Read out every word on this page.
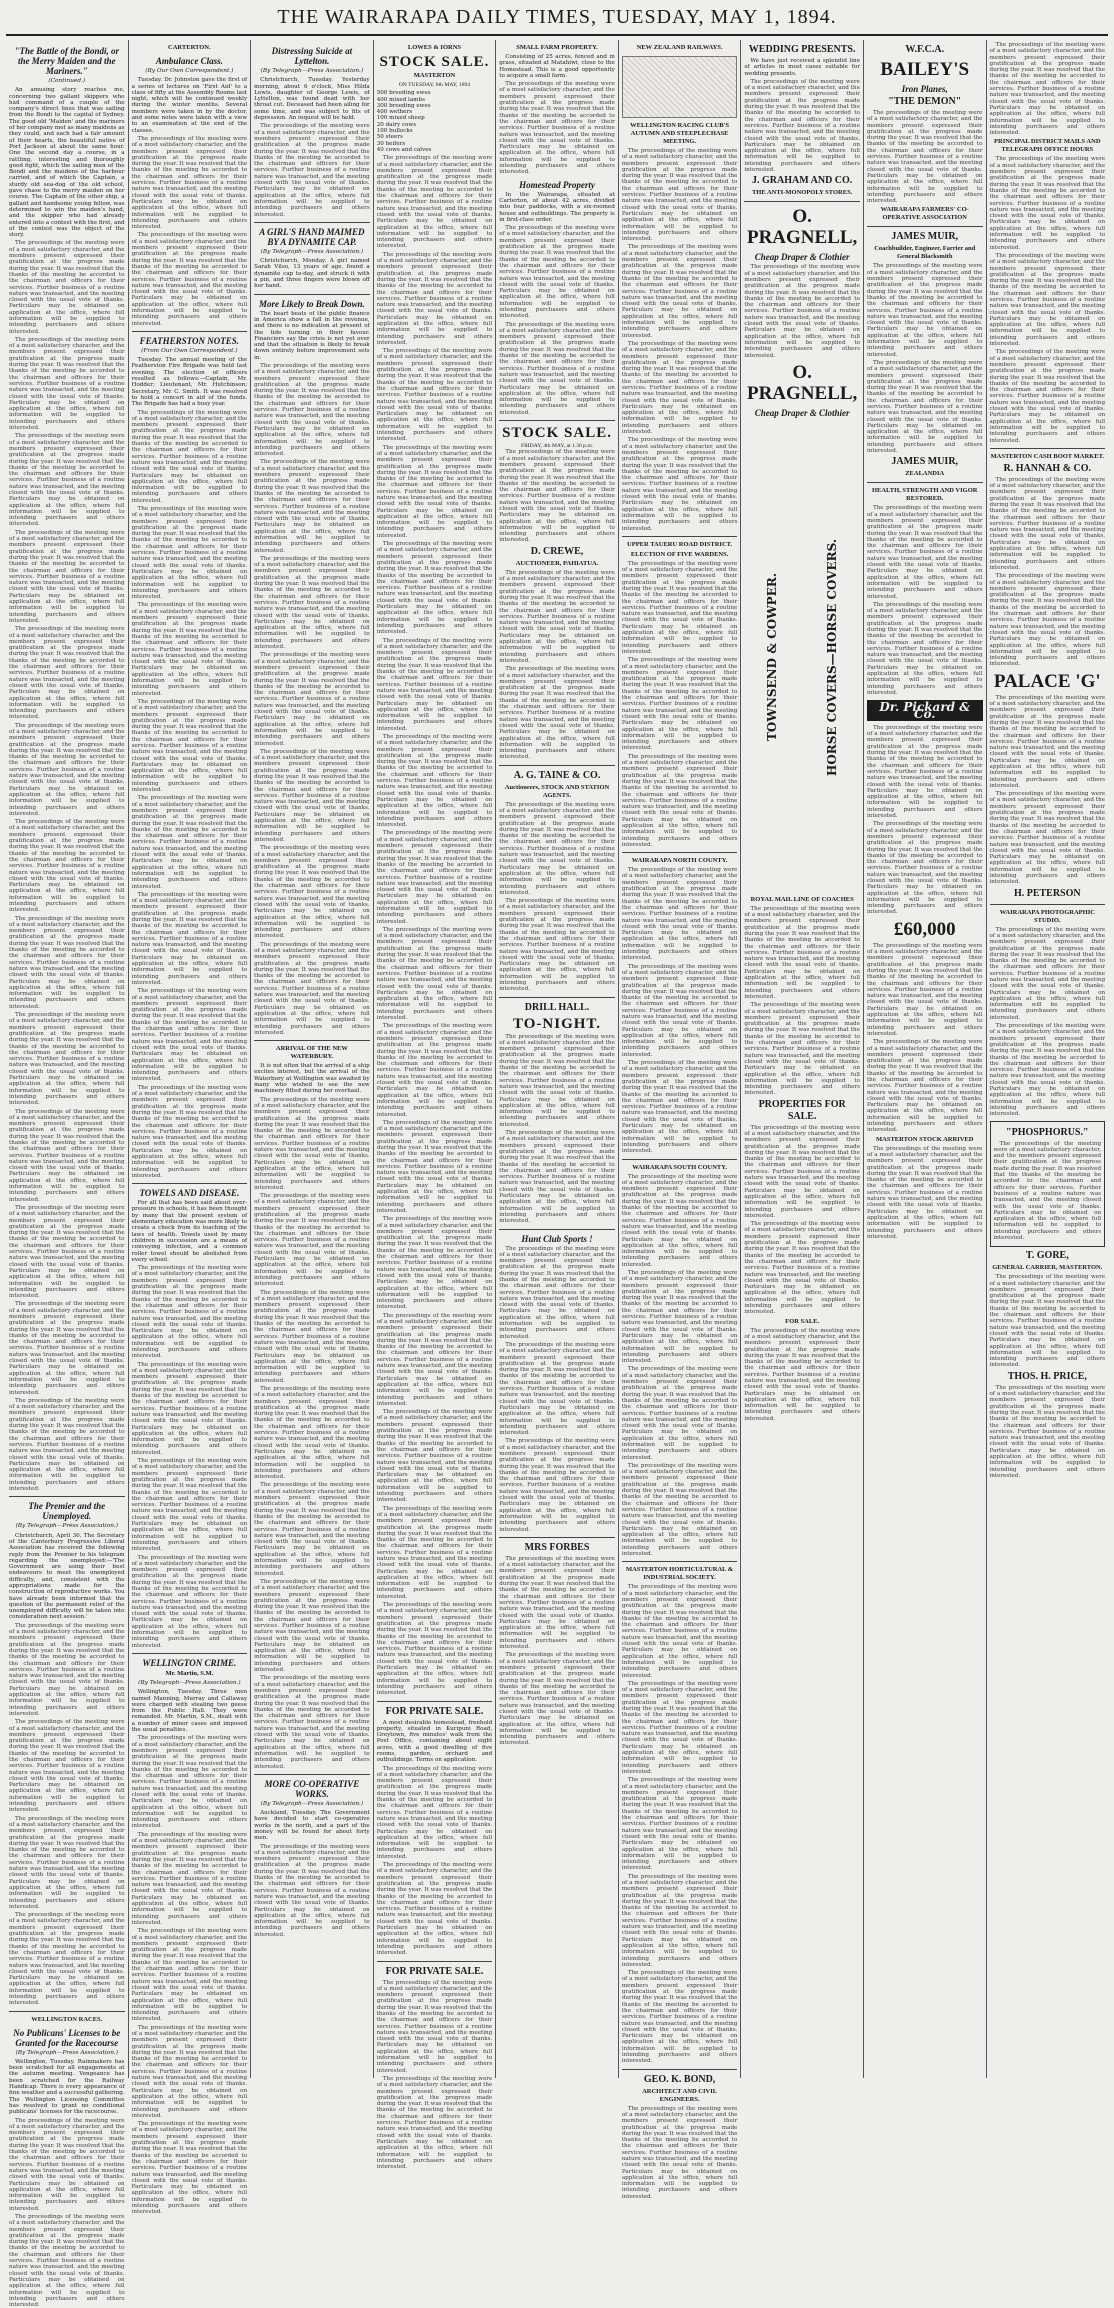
THE WAIRARAPA DAILY TIMES, TUESDAY, MAY 1, 1894.
"The Battle of the Bondi, or the Merry Maiden and the Mariners."
(Continued.)

An amusing story reaches me, concerning two gallant skippers who had command of a couple of the company's direct lines that was sailing from the Bondi to the capital of Sydney. The good old 'Maiden' and the mariners of her company met as many maidens as they could, and each had a fair amount of their hearts, the beautiful native of Port Jackson at about the same hour. One the second day a course, in a rattling, interesting and thoroughly good fight, which the sailing men of the Bondi and the maidens of the harbour carried, and of which the Captain, a sturdy old sea-dog of the old school, gave chase to the merry maiden on her course. The Captain of the other ship, a gallant and handsome young fellow, was determined to win the maiden's hand, and the skipper who had already entered into a contest with the first, and of the contest was the object of the story.

The proceedings of the meeting were of a most satisfactory character, and the members present expressed their gratification at the progress made during the year. It was resolved that the thanks of the meeting be accorded to the chairman and officers for their services. Further business of a routine nature was transacted, and the meeting closed with the usual vote of thanks. Particulars may be obtained on application at the office, where full information will be supplied to intending purchasers and others interested.

The proceedings of the meeting were of a most satisfactory character, and the members present expressed their gratification at the progress made during the year. It was resolved that the thanks of the meeting be accorded to the chairman and officers for their services. Further business of a routine nature was transacted, and the meeting closed with the usual vote of thanks. Particulars may be obtained on application at the office, where full information will be supplied to intending purchasers and others interested.

The proceedings of the meeting were of a most satisfactory character, and the members present expressed their gratification at the progress made during the year. It was resolved that the thanks of the meeting be accorded to the chairman and officers for their services. Further business of a routine nature was transacted, and the meeting closed with the usual vote of thanks. Particulars may be obtained on application at the office, where full information will be supplied to intending purchasers and others interested.

The proceedings of the meeting were of a most satisfactory character, and the members present expressed their gratification at the progress made during the year. It was resolved that the thanks of the meeting be accorded to the chairman and officers for their services. Further business of a routine nature was transacted, and the meeting closed with the usual vote of thanks. Particulars may be obtained on application at the office, where full information will be supplied to intending purchasers and others interested.

The proceedings of the meeting were of a most satisfactory character, and the members present expressed their gratification at the progress made during the year. It was resolved that the thanks of the meeting be accorded to the chairman and officers for their services. Further business of a routine nature was transacted, and the meeting closed with the usual vote of thanks. Particulars may be obtained on application at the office, where full information will be supplied to intending purchasers and others interested.

The proceedings of the meeting were of a most satisfactory character, and the members present expressed their gratification at the progress made during the year. It was resolved that the thanks of the meeting be accorded to the chairman and officers for their services. Further business of a routine nature was transacted, and the meeting closed with the usual vote of thanks. Particulars may be obtained on application at the office, where full information will be supplied to intending purchasers and others interested.

The proceedings of the meeting were of a most satisfactory character, and the members present expressed their gratification at the progress made during the year. It was resolved that the thanks of the meeting be accorded to the chairman and officers for their services. Further business of a routine nature was transacted, and the meeting closed with the usual vote of thanks. Particulars may be obtained on application at the office, where full information will be supplied to intending purchasers and others interested.

The proceedings of the meeting were of a most satisfactory character, and the members present expressed their gratification at the progress made during the year. It was resolved that the thanks of the meeting be accorded to the chairman and officers for their services. Further business of a routine nature was transacted, and the meeting closed with the usual vote of thanks. Particulars may be obtained on application at the office, where full information will be supplied to intending purchasers and others interested.

The proceedings of the meeting were of a most satisfactory character, and the members present expressed their gratification at the progress made during the year. It was resolved that the thanks of the meeting be accorded to the chairman and officers for their services. Further business of a routine nature was transacted, and the meeting closed with the usual vote of thanks. Particulars may be obtained on application at the office, where full information will be supplied to intending purchasers and others interested.

The proceedings of the meeting were of a most satisfactory character, and the members present expressed their gratification at the progress made during the year. It was resolved that the thanks of the meeting be accorded to the chairman and officers for their services. Further business of a routine nature was transacted, and the meeting closed with the usual vote of thanks. Particulars may be obtained on application at the office, where full information will be supplied to intending purchasers and others interested.

The proceedings of the meeting were of a most satisfactory character, and the members present expressed their gratification at the progress made during the year. It was resolved that the thanks of the meeting be accorded to the chairman and officers for their services. Further business of a routine nature was transacted, and the meeting closed with the usual vote of thanks. Particulars may be obtained on application at the office, where full information will be supplied to intending purchasers and others interested.

The proceedings of the meeting were of a most satisfactory character, and the members present expressed their gratification at the progress made during the year. It was resolved that the thanks of the meeting be accorded to the chairman and officers for their services. Further business of a routine nature was transacted, and the meeting closed with the usual vote of thanks. Particulars may be obtained on application at the office, where full information will be supplied to intending purchasers and others interested.

The proceedings of the meeting were of a most satisfactory character, and the members present expressed their gratification at the progress made during the year. It was resolved that the thanks of the meeting be accorded to the chairman and officers for their services. Further business of a routine nature was transacted, and the meeting closed with the usual vote of thanks. Particulars may be obtained on application at the office, where full information will be supplied to intending purchasers and others interested.

The Premier and the Unemployed.
(By Telegraph—Press Association.)

Christchurch, April 30. The Secretary of the Canterbury Progressive Liberal Association has received the following reply from the Premier to his telegram regarding the unemployed:—'The Government are using their best endeavours to meet the unemployed difficulty, and, consistent with the appropriations made for the construction of reproductive works. You have already been informed that the question of the permanent relief of the unemployed difficulty will be taken into consideration next session.'

The proceedings of the meeting were of a most satisfactory character, and the members present expressed their gratification at the progress made during the year. It was resolved that the thanks of the meeting be accorded to the chairman and officers for their services. Further business of a routine nature was transacted, and the meeting closed with the usual vote of thanks. Particulars may be obtained on application at the office, where full information will be supplied to intending purchasers and others interested.

The proceedings of the meeting were of a most satisfactory character, and the members present expressed their gratification at the progress made during the year. It was resolved that the thanks of the meeting be accorded to the chairman and officers for their services. Further business of a routine nature was transacted, and the meeting closed with the usual vote of thanks. Particulars may be obtained on application at the office, where full information will be supplied to intending purchasers and others interested.

The proceedings of the meeting were of a most satisfactory character, and the members present expressed their gratification at the progress made during the year. It was resolved that the thanks of the meeting be accorded to the chairman and officers for their services. Further business of a routine nature was transacted, and the meeting closed with the usual vote of thanks. Particulars may be obtained on application at the office, where full information will be supplied to intending purchasers and others interested.

The proceedings of the meeting were of a most satisfactory character, and the members present expressed their gratification at the progress made during the year. It was resolved that the thanks of the meeting be accorded to the chairman and officers for their services. Further business of a routine nature was transacted, and the meeting closed with the usual vote of thanks. Particulars may be obtained on application at the office, where full information will be supplied to intending purchasers and others interested.

WELLINGTON RACES.
No Publicans' Licenses to be Granted for the Racecourse
(By Telegraph—Press Association.)

Wellington, Tuesday. Rainmakers has been scratched for all engagements at the autumn meeting. Vengeance has been scratched for the Railway Handicap. There is every appearance of fine weather and a successful gathering. The Wellington Licensing Committee has resolved to grant no conditional publicans' licenses for the racecourse.

The proceedings of the meeting were of a most satisfactory character, and the members present expressed their gratification at the progress made during the year. It was resolved that the thanks of the meeting be accorded to the chairman and officers for their services. Further business of a routine nature was transacted, and the meeting closed with the usual vote of thanks. Particulars may be obtained on application at the office, where full information will be supplied to intending purchasers and others interested.

The proceedings of the meeting were of a most satisfactory character, and the members present expressed their gratification at the progress made during the year. It was resolved that the thanks of the meeting be accorded to the chairman and officers for their services. Further business of a routine nature was transacted, and the meeting closed with the usual vote of thanks. Particulars may be obtained on application at the office, where full information will be supplied to intending purchasers and others interested.

CARTERTON.
Ambulance Class.
(By Our Own Correspondent.)

Tuesday. Dr. Johnston gave the first of a series of lectures on 'First Aid' to a class of fifty at the Assembly Rooms last night, which will be continued weekly during the winter months. Several members were taken in by the doctor, and some notes were taken with a view to an examination at the end of the classes.

The proceedings of the meeting were of a most satisfactory character, and the members present expressed their gratification at the progress made during the year. It was resolved that the thanks of the meeting be accorded to the chairman and officers for their services. Further business of a routine nature was transacted, and the meeting closed with the usual vote of thanks. Particulars may be obtained on application at the office, where full information will be supplied to intending purchasers and others interested.

The proceedings of the meeting were of a most satisfactory character, and the members present expressed their gratification at the progress made during the year. It was resolved that the thanks of the meeting be accorded to the chairman and officers for their services. Further business of a routine nature was transacted, and the meeting closed with the usual vote of thanks. Particulars may be obtained on application at the office, where full information will be supplied to intending purchasers and others interested.

FEATHERSTON NOTES.
(From Our Own Correspondent.)

Tuesday. The annual meeting of the Featherston Fire Brigade was held last evening. The election of officers resulted as follows:—Captain, Mr. Hodder; Lieutenant, Mr. Hutchinson; Secretary, Mr. C. Smith. It was resolved to hold a concert in aid of the funds. The Brigade has had a busy year.

The proceedings of the meeting were of a most satisfactory character, and the members present expressed their gratification at the progress made during the year. It was resolved that the thanks of the meeting be accorded to the chairman and officers for their services. Further business of a routine nature was transacted, and the meeting closed with the usual vote of thanks. Particulars may be obtained on application at the office, where full information will be supplied to intending purchasers and others interested.

The proceedings of the meeting were of a most satisfactory character, and the members present expressed their gratification at the progress made during the year. It was resolved that the thanks of the meeting be accorded to the chairman and officers for their services. Further business of a routine nature was transacted, and the meeting closed with the usual vote of thanks. Particulars may be obtained on application at the office, where full information will be supplied to intending purchasers and others interested.

The proceedings of the meeting were of a most satisfactory character, and the members present expressed their gratification at the progress made during the year. It was resolved that the thanks of the meeting be accorded to the chairman and officers for their services. Further business of a routine nature was transacted, and the meeting closed with the usual vote of thanks. Particulars may be obtained on application at the office, where full information will be supplied to intending purchasers and others interested.

The proceedings of the meeting were of a most satisfactory character, and the members present expressed their gratification at the progress made during the year. It was resolved that the thanks of the meeting be accorded to the chairman and officers for their services. Further business of a routine nature was transacted, and the meeting closed with the usual vote of thanks. Particulars may be obtained on application at the office, where full information will be supplied to intending purchasers and others interested.

The proceedings of the meeting were of a most satisfactory character, and the members present expressed their gratification at the progress made during the year. It was resolved that the thanks of the meeting be accorded to the chairman and officers for their services. Further business of a routine nature was transacted, and the meeting closed with the usual vote of thanks. Particulars may be obtained on application at the office, where full information will be supplied to intending purchasers and others interested.

The proceedings of the meeting were of a most satisfactory character, and the members present expressed their gratification at the progress made during the year. It was resolved that the thanks of the meeting be accorded to the chairman and officers for their services. Further business of a routine nature was transacted, and the meeting closed with the usual vote of thanks. Particulars may be obtained on application at the office, where full information will be supplied to intending purchasers and others interested.

The proceedings of the meeting were of a most satisfactory character, and the members present expressed their gratification at the progress made during the year. It was resolved that the thanks of the meeting be accorded to the chairman and officers for their services. Further business of a routine nature was transacted, and the meeting closed with the usual vote of thanks. Particulars may be obtained on application at the office, where full information will be supplied to intending purchasers and others interested.

The proceedings of the meeting were of a most satisfactory character, and the members present expressed their gratification at the progress made during the year. It was resolved that the thanks of the meeting be accorded to the chairman and officers for their services. Further business of a routine nature was transacted, and the meeting closed with the usual vote of thanks. Particulars may be obtained on application at the office, where full information will be supplied to intending purchasers and others interested.

TOWELS AND DISEASE.

For all that has been said about over-pressure in schools, it has been thought by many that the present system of elementary education was more likely to create a check from its teaching of the laws of health. Towels used by many children in succession are a means of conveying infection, and a common roller towel should be abolished from every school.

The proceedings of the meeting were of a most satisfactory character, and the members present expressed their gratification at the progress made during the year. It was resolved that the thanks of the meeting be accorded to the chairman and officers for their services. Further business of a routine nature was transacted, and the meeting closed with the usual vote of thanks. Particulars may be obtained on application at the office, where full information will be supplied to intending purchasers and others interested.

The proceedings of the meeting were of a most satisfactory character, and the members present expressed their gratification at the progress made during the year. It was resolved that the thanks of the meeting be accorded to the chairman and officers for their services. Further business of a routine nature was transacted, and the meeting closed with the usual vote of thanks. Particulars may be obtained on application at the office, where full information will be supplied to intending purchasers and others interested.

The proceedings of the meeting were of a most satisfactory character, and the members present expressed their gratification at the progress made during the year. It was resolved that the thanks of the meeting be accorded to the chairman and officers for their services. Further business of a routine nature was transacted, and the meeting closed with the usual vote of thanks. Particulars may be obtained on application at the office, where full information will be supplied to intending purchasers and others interested.

The proceedings of the meeting were of a most satisfactory character, and the members present expressed their gratification at the progress made during the year. It was resolved that the thanks of the meeting be accorded to the chairman and officers for their services. Further business of a routine nature was transacted, and the meeting closed with the usual vote of thanks. Particulars may be obtained on application at the office, where full information will be supplied to intending purchasers and others interested.

WELLINGTON CRIME.
Mr. Martin, S.M.
(By Telegraph—Press Association.)

Wellington, Tuesday. Three men named Manning, Murray and Callaway were charged with stealing two geese from the Public Hall. They were remanded. Mr. Martin, S.M., dealt with a number of minor cases and imposed the usual penalties.

The proceedings of the meeting were of a most satisfactory character, and the members present expressed their gratification at the progress made during the year. It was resolved that the thanks of the meeting be accorded to the chairman and officers for their services. Further business of a routine nature was transacted, and the meeting closed with the usual vote of thanks. Particulars may be obtained on application at the office, where full information will be supplied to intending purchasers and others interested.

The proceedings of the meeting were of a most satisfactory character, and the members present expressed their gratification at the progress made during the year. It was resolved that the thanks of the meeting be accorded to the chairman and officers for their services. Further business of a routine nature was transacted, and the meeting closed with the usual vote of thanks. Particulars may be obtained on application at the office, where full information will be supplied to intending purchasers and others interested.

The proceedings of the meeting were of a most satisfactory character, and the members present expressed their gratification at the progress made during the year. It was resolved that the thanks of the meeting be accorded to the chairman and officers for their services. Further business of a routine nature was transacted, and the meeting closed with the usual vote of thanks. Particulars may be obtained on application at the office, where full information will be supplied to intending purchasers and others interested.

The proceedings of the meeting were of a most satisfactory character, and the members present expressed their gratification at the progress made during the year. It was resolved that the thanks of the meeting be accorded to the chairman and officers for their services. Further business of a routine nature was transacted, and the meeting closed with the usual vote of thanks. Particulars may be obtained on application at the office, where full information will be supplied to intending purchasers and others interested.

The proceedings of the meeting were of a most satisfactory character, and the members present expressed their gratification at the progress made during the year. It was resolved that the thanks of the meeting be accorded to the chairman and officers for their services. Further business of a routine nature was transacted, and the meeting closed with the usual vote of thanks. Particulars may be obtained on application at the office, where full information will be supplied to intending purchasers and others interested.

Distressing Suicide at Lyttelton.
(By Telegraph—Press Association.)

Christchurch, Tuesday. Yesterday morning, about 6 o'clock, Miss Hilda Lewis, daughter of George Lewis, of Lyttelton, was found dead with her throat cut. Deceased had been ailing for some time, and was subject to fits of depression. An inquest will be held.

The proceedings of the meeting were of a most satisfactory character, and the members present expressed their gratification at the progress made during the year. It was resolved that the thanks of the meeting be accorded to the chairman and officers for their services. Further business of a routine nature was transacted, and the meeting closed with the usual vote of thanks. Particulars may be obtained on application at the office, where full information will be supplied to intending purchasers and others interested.

A GIRL'S HAND MAIMED BY A DYNAMITE CAP.
(By Telegraph—Press Association.)

Christchurch, Monday. A girl named Sarah Vilso, 13 years of age, found a dynamite cap to-day, and struck it with a pin, and three fingers were blown off her hand.

More Likely to Break Down.

The heart beats of the public finance in America show a fall in the revenue, and there is no indication at present of the tide turning in their favour. Financiers say the crisis is not yet over and that the situation is likely to break down entirely before improvement sets in.

The proceedings of the meeting were of a most satisfactory character, and the members present expressed their gratification at the progress made during the year. It was resolved that the thanks of the meeting be accorded to the chairman and officers for their services. Further business of a routine nature was transacted, and the meeting closed with the usual vote of thanks. Particulars may be obtained on application at the office, where full information will be supplied to intending purchasers and others interested.

The proceedings of the meeting were of a most satisfactory character, and the members present expressed their gratification at the progress made during the year. It was resolved that the thanks of the meeting be accorded to the chairman and officers for their services. Further business of a routine nature was transacted, and the meeting closed with the usual vote of thanks. Particulars may be obtained on application at the office, where full information will be supplied to intending purchasers and others interested.

The proceedings of the meeting were of a most satisfactory character, and the members present expressed their gratification at the progress made during the year. It was resolved that the thanks of the meeting be accorded to the chairman and officers for their services. Further business of a routine nature was transacted, and the meeting closed with the usual vote of thanks. Particulars may be obtained on application at the office, where full information will be supplied to intending purchasers and others interested.

The proceedings of the meeting were of a most satisfactory character, and the members present expressed their gratification at the progress made during the year. It was resolved that the thanks of the meeting be accorded to the chairman and officers for their services. Further business of a routine nature was transacted, and the meeting closed with the usual vote of thanks. Particulars may be obtained on application at the office, where full information will be supplied to intending purchasers and others interested.

The proceedings of the meeting were of a most satisfactory character, and the members present expressed their gratification at the progress made during the year. It was resolved that the thanks of the meeting be accorded to the chairman and officers for their services. Further business of a routine nature was transacted, and the meeting closed with the usual vote of thanks. Particulars may be obtained on application at the office, where full information will be supplied to intending purchasers and others interested.

The proceedings of the meeting were of a most satisfactory character, and the members present expressed their gratification at the progress made during the year. It was resolved that the thanks of the meeting be accorded to the chairman and officers for their services. Further business of a routine nature was transacted, and the meeting closed with the usual vote of thanks. Particulars may be obtained on application at the office, where full information will be supplied to intending purchasers and others interested.

The proceedings of the meeting were of a most satisfactory character, and the members present expressed their gratification at the progress made during the year. It was resolved that the thanks of the meeting be accorded to the chairman and officers for their services. Further business of a routine nature was transacted, and the meeting closed with the usual vote of thanks. Particulars may be obtained on application at the office, where full information will be supplied to intending purchasers and others interested.

ARRIVAL OF THE NEW WATERBURY.

It is not often that the arrival of a ship excites interest, but the arrival of the Waterbury at Wellington was awaited by many who wished to see the new machinery fitted during her overhaul.

The proceedings of the meeting were of a most satisfactory character, and the members present expressed their gratification at the progress made during the year. It was resolved that the thanks of the meeting be accorded to the chairman and officers for their services. Further business of a routine nature was transacted, and the meeting closed with the usual vote of thanks. Particulars may be obtained on application at the office, where full information will be supplied to intending purchasers and others interested.

The proceedings of the meeting were of a most satisfactory character, and the members present expressed their gratification at the progress made during the year. It was resolved that the thanks of the meeting be accorded to the chairman and officers for their services. Further business of a routine nature was transacted, and the meeting closed with the usual vote of thanks. Particulars may be obtained on application at the office, where full information will be supplied to intending purchasers and others interested.

The proceedings of the meeting were of a most satisfactory character, and the members present expressed their gratification at the progress made during the year. It was resolved that the thanks of the meeting be accorded to the chairman and officers for their services. Further business of a routine nature was transacted, and the meeting closed with the usual vote of thanks. Particulars may be obtained on application at the office, where full information will be supplied to intending purchasers and others interested.

The proceedings of the meeting were of a most satisfactory character, and the members present expressed their gratification at the progress made during the year. It was resolved that the thanks of the meeting be accorded to the chairman and officers for their services. Further business of a routine nature was transacted, and the meeting closed with the usual vote of thanks. Particulars may be obtained on application at the office, where full information will be supplied to intending purchasers and others interested.

The proceedings of the meeting were of a most satisfactory character, and the members present expressed their gratification at the progress made during the year. It was resolved that the thanks of the meeting be accorded to the chairman and officers for their services. Further business of a routine nature was transacted, and the meeting closed with the usual vote of thanks. Particulars may be obtained on application at the office, where full information will be supplied to intending purchasers and others interested.

The proceedings of the meeting were of a most satisfactory character, and the members present expressed their gratification at the progress made during the year. It was resolved that the thanks of the meeting be accorded to the chairman and officers for their services. Further business of a routine nature was transacted, and the meeting closed with the usual vote of thanks. Particulars may be obtained on application at the office, where full information will be supplied to intending purchasers and others interested.

The proceedings of the meeting were of a most satisfactory character, and the members present expressed their gratification at the progress made during the year. It was resolved that the thanks of the meeting be accorded to the chairman and officers for their services. Further business of a routine nature was transacted, and the meeting closed with the usual vote of thanks. Particulars may be obtained on application at the office, where full information will be supplied to intending purchasers and others interested.

MORE CO-OPERATIVE WORKS.
(By Telegraph—Press Association.)

Auckland, Tuesday. The Government have decided to start co-operative works in the north, and a part of the money will be found for about forty men.

The proceedings of the meeting were of a most satisfactory character, and the members present expressed their gratification at the progress made during the year. It was resolved that the thanks of the meeting be accorded to the chairman and officers for their services. Further business of a routine nature was transacted, and the meeting closed with the usual vote of thanks. Particulars may be obtained on application at the office, where full information will be supplied to intending purchasers and others interested.

LOWES & IORNS
STOCK SALE.
MASTERTON
ON TUESDAY, 8th MAY, 1894
500 breeding ewes
400 mixed lambs
300 breeding ewes
400 wethers
100 mixed sheep
20 dairy cows
100 bullocks
50 steers
30 heifers
40 cows and calves

The proceedings of the meeting were of a most satisfactory character, and the members present expressed their gratification at the progress made during the year. It was resolved that the thanks of the meeting be accorded to the chairman and officers for their services. Further business of a routine nature was transacted, and the meeting closed with the usual vote of thanks. Particulars may be obtained on application at the office, where full information will be supplied to intending purchasers and others interested.

The proceedings of the meeting were of a most satisfactory character, and the members present expressed their gratification at the progress made during the year. It was resolved that the thanks of the meeting be accorded to the chairman and officers for their services. Further business of a routine nature was transacted, and the meeting closed with the usual vote of thanks. Particulars may be obtained on application at the office, where full information will be supplied to intending purchasers and others interested.

The proceedings of the meeting were of a most satisfactory character, and the members present expressed their gratification at the progress made during the year. It was resolved that the thanks of the meeting be accorded to the chairman and officers for their services. Further business of a routine nature was transacted, and the meeting closed with the usual vote of thanks. Particulars may be obtained on application at the office, where full information will be supplied to intending purchasers and others interested.

The proceedings of the meeting were of a most satisfactory character, and the members present expressed their gratification at the progress made during the year. It was resolved that the thanks of the meeting be accorded to the chairman and officers for their services. Further business of a routine nature was transacted, and the meeting closed with the usual vote of thanks. Particulars may be obtained on application at the office, where full information will be supplied to intending purchasers and others interested.

The proceedings of the meeting were of a most satisfactory character, and the members present expressed their gratification at the progress made during the year. It was resolved that the thanks of the meeting be accorded to the chairman and officers for their services. Further business of a routine nature was transacted, and the meeting closed with the usual vote of thanks. Particulars may be obtained on application at the office, where full information will be supplied to intending purchasers and others interested.

The proceedings of the meeting were of a most satisfactory character, and the members present expressed their gratification at the progress made during the year. It was resolved that the thanks of the meeting be accorded to the chairman and officers for their services. Further business of a routine nature was transacted, and the meeting closed with the usual vote of thanks. Particulars may be obtained on application at the office, where full information will be supplied to intending purchasers and others interested.

The proceedings of the meeting were of a most satisfactory character, and the members present expressed their gratification at the progress made during the year. It was resolved that the thanks of the meeting be accorded to the chairman and officers for their services. Further business of a routine nature was transacted, and the meeting closed with the usual vote of thanks. Particulars may be obtained on application at the office, where full information will be supplied to intending purchasers and others interested.

The proceedings of the meeting were of a most satisfactory character, and the members present expressed their gratification at the progress made during the year. It was resolved that the thanks of the meeting be accorded to the chairman and officers for their services. Further business of a routine nature was transacted, and the meeting closed with the usual vote of thanks. Particulars may be obtained on application at the office, where full information will be supplied to intending purchasers and others interested.

The proceedings of the meeting were of a most satisfactory character, and the members present expressed their gratification at the progress made during the year. It was resolved that the thanks of the meeting be accorded to the chairman and officers for their services. Further business of a routine nature was transacted, and the meeting closed with the usual vote of thanks. Particulars may be obtained on application at the office, where full information will be supplied to intending purchasers and others interested.

The proceedings of the meeting were of a most satisfactory character, and the members present expressed their gratification at the progress made during the year. It was resolved that the thanks of the meeting be accorded to the chairman and officers for their services. Further business of a routine nature was transacted, and the meeting closed with the usual vote of thanks. Particulars may be obtained on application at the office, where full information will be supplied to intending purchasers and others interested.

The proceedings of the meeting were of a most satisfactory character, and the members present expressed their gratification at the progress made during the year. It was resolved that the thanks of the meeting be accorded to the chairman and officers for their services. Further business of a routine nature was transacted, and the meeting closed with the usual vote of thanks. Particulars may be obtained on application at the office, where full information will be supplied to intending purchasers and others interested.

The proceedings of the meeting were of a most satisfactory character, and the members present expressed their gratification at the progress made during the year. It was resolved that the thanks of the meeting be accorded to the chairman and officers for their services. Further business of a routine nature was transacted, and the meeting closed with the usual vote of thanks. Particulars may be obtained on application at the office, where full information will be supplied to intending purchasers and others interested.

The proceedings of the meeting were of a most satisfactory character, and the members present expressed their gratification at the progress made during the year. It was resolved that the thanks of the meeting be accorded to the chairman and officers for their services. Further business of a routine nature was transacted, and the meeting closed with the usual vote of thanks. Particulars may be obtained on application at the office, where full information will be supplied to intending purchasers and others interested.

The proceedings of the meeting were of a most satisfactory character, and the members present expressed their gratification at the progress made during the year. It was resolved that the thanks of the meeting be accorded to the chairman and officers for their services. Further business of a routine nature was transacted, and the meeting closed with the usual vote of thanks. Particulars may be obtained on application at the office, where full information will be supplied to intending purchasers and others interested.

The proceedings of the meeting were of a most satisfactory character, and the members present expressed their gratification at the progress made during the year. It was resolved that the thanks of the meeting be accorded to the chairman and officers for their services. Further business of a routine nature was transacted, and the meeting closed with the usual vote of thanks. Particulars may be obtained on application at the office, where full information will be supplied to intending purchasers and others interested.

The proceedings of the meeting were of a most satisfactory character, and the members present expressed their gratification at the progress made during the year. It was resolved that the thanks of the meeting be accorded to the chairman and officers for their services. Further business of a routine nature was transacted, and the meeting closed with the usual vote of thanks. Particulars may be obtained on application at the office, where full information will be supplied to intending purchasers and others interested.

FOR PRIVATE SALE.

A most desirable homestead, freehold property, situated in Kuripuni Road, Greytown, five minutes' walk from the Post Office, containing about eight acres, with a good dwelling of five rooms, garden, orchard and outbuildings. Terms on application.

The proceedings of the meeting were of a most satisfactory character, and the members present expressed their gratification at the progress made during the year. It was resolved that the thanks of the meeting be accorded to the chairman and officers for their services. Further business of a routine nature was transacted, and the meeting closed with the usual vote of thanks. Particulars may be obtained on application at the office, where full information will be supplied to intending purchasers and others interested.

The proceedings of the meeting were of a most satisfactory character, and the members present expressed their gratification at the progress made during the year. It was resolved that the thanks of the meeting be accorded to the chairman and officers for their services. Further business of a routine nature was transacted, and the meeting closed with the usual vote of thanks. Particulars may be obtained on application at the office, where full information will be supplied to intending purchasers and others interested.

FOR PRIVATE SALE.

The proceedings of the meeting were of a most satisfactory character, and the members present expressed their gratification at the progress made during the year. It was resolved that the thanks of the meeting be accorded to the chairman and officers for their services. Further business of a routine nature was transacted, and the meeting closed with the usual vote of thanks. Particulars may be obtained on application at the office, where full information will be supplied to intending purchasers and others interested.

The proceedings of the meeting were of a most satisfactory character, and the members present expressed their gratification at the progress made during the year. It was resolved that the thanks of the meeting be accorded to the chairman and officers for their services. Further business of a routine nature was transacted, and the meeting closed with the usual vote of thanks. Particulars may be obtained on application at the office, where full information will be supplied to intending purchasers and others interested.

SMALL FARM PROPERTY.

Consisting of 25 acres, fenced and in grass, situated at Matahiwi, close to the Homestead. This is a good opportunity to acquire a small farm.

The proceedings of the meeting were of a most satisfactory character, and the members present expressed their gratification at the progress made during the year. It was resolved that the thanks of the meeting be accorded to the chairman and officers for their services. Further business of a routine nature was transacted, and the meeting closed with the usual vote of thanks. Particulars may be obtained on application at the office, where full information will be supplied to intending purchasers and others interested.

Homestead Property

In the Wairarapa, situated at Carterton, of about 42 acres, divided into four paddocks, with a six-roomed house and outbuildings. The property is in first-class order.

The proceedings of the meeting were of a most satisfactory character, and the members present expressed their gratification at the progress made during the year. It was resolved that the thanks of the meeting be accorded to the chairman and officers for their services. Further business of a routine nature was transacted, and the meeting closed with the usual vote of thanks. Particulars may be obtained on application at the office, where full information will be supplied to intending purchasers and others interested.

The proceedings of the meeting were of a most satisfactory character, and the members present expressed their gratification at the progress made during the year. It was resolved that the thanks of the meeting be accorded to the chairman and officers for their services. Further business of a routine nature was transacted, and the meeting closed with the usual vote of thanks. Particulars may be obtained on application at the office, where full information will be supplied to intending purchasers and others interested.

STOCK SALE.
FRIDAY, 4th MAY, at 1.30 p.m.

The proceedings of the meeting were of a most satisfactory character, and the members present expressed their gratification at the progress made during the year. It was resolved that the thanks of the meeting be accorded to the chairman and officers for their services. Further business of a routine nature was transacted, and the meeting closed with the usual vote of thanks. Particulars may be obtained on application at the office, where full information will be supplied to intending purchasers and others interested.

D. CREWE,
AUCTIONEER, PAHIATUA.

The proceedings of the meeting were of a most satisfactory character, and the members present expressed their gratification at the progress made during the year. It was resolved that the thanks of the meeting be accorded to the chairman and officers for their services. Further business of a routine nature was transacted, and the meeting closed with the usual vote of thanks. Particulars may be obtained on application at the office, where full information will be supplied to intending purchasers and others interested.

The proceedings of the meeting were of a most satisfactory character, and the members present expressed their gratification at the progress made during the year. It was resolved that the thanks of the meeting be accorded to the chairman and officers for their services. Further business of a routine nature was transacted, and the meeting closed with the usual vote of thanks. Particulars may be obtained on application at the office, where full information will be supplied to intending purchasers and others interested.

A. G. TAINE & CO.
Auctioneers, STOCK AND STATION AGENTS.

The proceedings of the meeting were of a most satisfactory character, and the members present expressed their gratification at the progress made during the year. It was resolved that the thanks of the meeting be accorded to the chairman and officers for their services. Further business of a routine nature was transacted, and the meeting closed with the usual vote of thanks. Particulars may be obtained on application at the office, where full information will be supplied to intending purchasers and others interested.

The proceedings of the meeting were of a most satisfactory character, and the members present expressed their gratification at the progress made during the year. It was resolved that the thanks of the meeting be accorded to the chairman and officers for their services. Further business of a routine nature was transacted, and the meeting closed with the usual vote of thanks. Particulars may be obtained on application at the office, where full information will be supplied to intending purchasers and others interested.

DRILL HALL.
TO-NIGHT.

The proceedings of the meeting were of a most satisfactory character, and the members present expressed their gratification at the progress made during the year. It was resolved that the thanks of the meeting be accorded to the chairman and officers for their services. Further business of a routine nature was transacted, and the meeting closed with the usual vote of thanks. Particulars may be obtained on application at the office, where full information will be supplied to intending purchasers and others interested.

The proceedings of the meeting were of a most satisfactory character, and the members present expressed their gratification at the progress made during the year. It was resolved that the thanks of the meeting be accorded to the chairman and officers for their services. Further business of a routine nature was transacted, and the meeting closed with the usual vote of thanks. Particulars may be obtained on application at the office, where full information will be supplied to intending purchasers and others interested.

Hunt Club Sports !

The proceedings of the meeting were of a most satisfactory character, and the members present expressed their gratification at the progress made during the year. It was resolved that the thanks of the meeting be accorded to the chairman and officers for their services. Further business of a routine nature was transacted, and the meeting closed with the usual vote of thanks. Particulars may be obtained on application at the office, where full information will be supplied to intending purchasers and others interested.

The proceedings of the meeting were of a most satisfactory character, and the members present expressed their gratification at the progress made during the year. It was resolved that the thanks of the meeting be accorded to the chairman and officers for their services. Further business of a routine nature was transacted, and the meeting closed with the usual vote of thanks. Particulars may be obtained on application at the office, where full information will be supplied to intending purchasers and others interested.

The proceedings of the meeting were of a most satisfactory character, and the members present expressed their gratification at the progress made during the year. It was resolved that the thanks of the meeting be accorded to the chairman and officers for their services. Further business of a routine nature was transacted, and the meeting closed with the usual vote of thanks. Particulars may be obtained on application at the office, where full information will be supplied to intending purchasers and others interested.

MRS FORBES

The proceedings of the meeting were of a most satisfactory character, and the members present expressed their gratification at the progress made during the year. It was resolved that the thanks of the meeting be accorded to the chairman and officers for their services. Further business of a routine nature was transacted, and the meeting closed with the usual vote of thanks. Particulars may be obtained on application at the office, where full information will be supplied to intending purchasers and others interested.

The proceedings of the meeting were of a most satisfactory character, and the members present expressed their gratification at the progress made during the year. It was resolved that the thanks of the meeting be accorded to the chairman and officers for their services. Further business of a routine nature was transacted, and the meeting closed with the usual vote of thanks. Particulars may be obtained on application at the office, where full information will be supplied to intending purchasers and others interested.

NEW ZEALAND RAILWAYS.
WELLINGTON RACING CLUB'S AUTUMN AND STEEPLECHASE MEETING.

The proceedings of the meeting were of a most satisfactory character, and the members present expressed their gratification at the progress made during the year. It was resolved that the thanks of the meeting be accorded to the chairman and officers for their services. Further business of a routine nature was transacted, and the meeting closed with the usual vote of thanks. Particulars may be obtained on application at the office, where full information will be supplied to intending purchasers and others interested.

The proceedings of the meeting were of a most satisfactory character, and the members present expressed their gratification at the progress made during the year. It was resolved that the thanks of the meeting be accorded to the chairman and officers for their services. Further business of a routine nature was transacted, and the meeting closed with the usual vote of thanks. Particulars may be obtained on application at the office, where full information will be supplied to intending purchasers and others interested.

The proceedings of the meeting were of a most satisfactory character, and the members present expressed their gratification at the progress made during the year. It was resolved that the thanks of the meeting be accorded to the chairman and officers for their services. Further business of a routine nature was transacted, and the meeting closed with the usual vote of thanks. Particulars may be obtained on application at the office, where full information will be supplied to intending purchasers and others interested.

The proceedings of the meeting were of a most satisfactory character, and the members present expressed their gratification at the progress made during the year. It was resolved that the thanks of the meeting be accorded to the chairman and officers for their services. Further business of a routine nature was transacted, and the meeting closed with the usual vote of thanks. Particulars may be obtained on application at the office, where full information will be supplied to intending purchasers and others interested.

UPPER TAUERU ROAD DISTRICT.
ELECTION OF FIVE WARDENS.

The proceedings of the meeting were of a most satisfactory character, and the members present expressed their gratification at the progress made during the year. It was resolved that the thanks of the meeting be accorded to the chairman and officers for their services. Further business of a routine nature was transacted, and the meeting closed with the usual vote of thanks. Particulars may be obtained on application at the office, where full information will be supplied to intending purchasers and others interested.

The proceedings of the meeting were of a most satisfactory character, and the members present expressed their gratification at the progress made during the year. It was resolved that the thanks of the meeting be accorded to the chairman and officers for their services. Further business of a routine nature was transacted, and the meeting closed with the usual vote of thanks. Particulars may be obtained on application at the office, where full information will be supplied to intending purchasers and others interested.

The proceedings of the meeting were of a most satisfactory character, and the members present expressed their gratification at the progress made during the year. It was resolved that the thanks of the meeting be accorded to the chairman and officers for their services. Further business of a routine nature was transacted, and the meeting closed with the usual vote of thanks. Particulars may be obtained on application at the office, where full information will be supplied to intending purchasers and others interested.

WAIRARAPA NORTH COUNTY.

The proceedings of the meeting were of a most satisfactory character, and the members present expressed their gratification at the progress made during the year. It was resolved that the thanks of the meeting be accorded to the chairman and officers for their services. Further business of a routine nature was transacted, and the meeting closed with the usual vote of thanks. Particulars may be obtained on application at the office, where full information will be supplied to intending purchasers and others interested.

The proceedings of the meeting were of a most satisfactory character, and the members present expressed their gratification at the progress made during the year. It was resolved that the thanks of the meeting be accorded to the chairman and officers for their services. Further business of a routine nature was transacted, and the meeting closed with the usual vote of thanks. Particulars may be obtained on application at the office, where full information will be supplied to intending purchasers and others interested.

The proceedings of the meeting were of a most satisfactory character, and the members present expressed their gratification at the progress made during the year. It was resolved that the thanks of the meeting be accorded to the chairman and officers for their services. Further business of a routine nature was transacted, and the meeting closed with the usual vote of thanks. Particulars may be obtained on application at the office, where full information will be supplied to intending purchasers and others interested.

WAIRARAPA SOUTH COUNTY.

The proceedings of the meeting were of a most satisfactory character, and the members present expressed their gratification at the progress made during the year. It was resolved that the thanks of the meeting be accorded to the chairman and officers for their services. Further business of a routine nature was transacted, and the meeting closed with the usual vote of thanks. Particulars may be obtained on application at the office, where full information will be supplied to intending purchasers and others interested.

The proceedings of the meeting were of a most satisfactory character, and the members present expressed their gratification at the progress made during the year. It was resolved that the thanks of the meeting be accorded to the chairman and officers for their services. Further business of a routine nature was transacted, and the meeting closed with the usual vote of thanks. Particulars may be obtained on application at the office, where full information will be supplied to intending purchasers and others interested.

The proceedings of the meeting were of a most satisfactory character, and the members present expressed their gratification at the progress made during the year. It was resolved that the thanks of the meeting be accorded to the chairman and officers for their services. Further business of a routine nature was transacted, and the meeting closed with the usual vote of thanks. Particulars may be obtained on application at the office, where full information will be supplied to intending purchasers and others interested.

The proceedings of the meeting were of a most satisfactory character, and the members present expressed their gratification at the progress made during the year. It was resolved that the thanks of the meeting be accorded to the chairman and officers for their services. Further business of a routine nature was transacted, and the meeting closed with the usual vote of thanks. Particulars may be obtained on application at the office, where full information will be supplied to intending purchasers and others interested.

MASTERTON HORTICULTURAL & INDUSTRIAL SOCIETY.

The proceedings of the meeting were of a most satisfactory character, and the members present expressed their gratification at the progress made during the year. It was resolved that the thanks of the meeting be accorded to the chairman and officers for their services. Further business of a routine nature was transacted, and the meeting closed with the usual vote of thanks. Particulars may be obtained on application at the office, where full information will be supplied to intending purchasers and others interested.

The proceedings of the meeting were of a most satisfactory character, and the members present expressed their gratification at the progress made during the year. It was resolved that the thanks of the meeting be accorded to the chairman and officers for their services. Further business of a routine nature was transacted, and the meeting closed with the usual vote of thanks. Particulars may be obtained on application at the office, where full information will be supplied to intending purchasers and others interested.

The proceedings of the meeting were of a most satisfactory character, and the members present expressed their gratification at the progress made during the year. It was resolved that the thanks of the meeting be accorded to the chairman and officers for their services. Further business of a routine nature was transacted, and the meeting closed with the usual vote of thanks. Particulars may be obtained on application at the office, where full information will be supplied to intending purchasers and others interested.

The proceedings of the meeting were of a most satisfactory character, and the members present expressed their gratification at the progress made during the year. It was resolved that the thanks of the meeting be accorded to the chairman and officers for their services. Further business of a routine nature was transacted, and the meeting closed with the usual vote of thanks. Particulars may be obtained on application at the office, where full information will be supplied to intending purchasers and others interested.

The proceedings of the meeting were of a most satisfactory character, and the members present expressed their gratification at the progress made during the year. It was resolved that the thanks of the meeting be accorded to the chairman and officers for their services. Further business of a routine nature was transacted, and the meeting closed with the usual vote of thanks. Particulars may be obtained on application at the office, where full information will be supplied to intending purchasers and others interested.

GEO. K. BOND,
ARCHITECT AND CIVIL ENGINEERS.

The proceedings of the meeting were of a most satisfactory character, and the members present expressed their gratification at the progress made during the year. It was resolved that the thanks of the meeting be accorded to the chairman and officers for their services. Further business of a routine nature was transacted, and the meeting closed with the usual vote of thanks. Particulars may be obtained on application at the office, where full information will be supplied to intending purchasers and others interested.

WEDDING PRESENTS.

We have just received a splendid line of articles in most cases suitable for wedding presents.

The proceedings of the meeting were of a most satisfactory character, and the members present expressed their gratification at the progress made during the year. It was resolved that the thanks of the meeting be accorded to the chairman and officers for their services. Further business of a routine nature was transacted, and the meeting closed with the usual vote of thanks. Particulars may be obtained on application at the office, where full information will be supplied to intending purchasers and others interested.

J. GRAHAM AND CO.
THE ANTI-MONOPOLY STORES.
O. PRAGNELL,
Cheap Draper & Clothier

The proceedings of the meeting were of a most satisfactory character, and the members present expressed their gratification at the progress made during the year. It was resolved that the thanks of the meeting be accorded to the chairman and officers for their services. Further business of a routine nature was transacted, and the meeting closed with the usual vote of thanks. Particulars may be obtained on application at the office, where full information will be supplied to intending purchasers and others interested.

O. PRAGNELL,
Cheap Draper & Clothier
TOWNSEND & COWPER.	HORSE COVERS—HORSE COVERS.
ROYAL MAIL LINE OF COACHES

The proceedings of the meeting were of a most satisfactory character, and the members present expressed their gratification at the progress made during the year. It was resolved that the thanks of the meeting be accorded to the chairman and officers for their services. Further business of a routine nature was transacted, and the meeting closed with the usual vote of thanks. Particulars may be obtained on application at the office, where full information will be supplied to intending purchasers and others interested.

The proceedings of the meeting were of a most satisfactory character, and the members present expressed their gratification at the progress made during the year. It was resolved that the thanks of the meeting be accorded to the chairman and officers for their services. Further business of a routine nature was transacted, and the meeting closed with the usual vote of thanks. Particulars may be obtained on application at the office, where full information will be supplied to intending purchasers and others interested.

PROPERTIES FOR SALE.

The proceedings of the meeting were of a most satisfactory character, and the members present expressed their gratification at the progress made during the year. It was resolved that the thanks of the meeting be accorded to the chairman and officers for their services. Further business of a routine nature was transacted, and the meeting closed with the usual vote of thanks. Particulars may be obtained on application at the office, where full information will be supplied to intending purchasers and others interested.

The proceedings of the meeting were of a most satisfactory character, and the members present expressed their gratification at the progress made during the year. It was resolved that the thanks of the meeting be accorded to the chairman and officers for their services. Further business of a routine nature was transacted, and the meeting closed with the usual vote of thanks. Particulars may be obtained on application at the office, where full information will be supplied to intending purchasers and others interested.

FOR SALE.

The proceedings of the meeting were of a most satisfactory character, and the members present expressed their gratification at the progress made during the year. It was resolved that the thanks of the meeting be accorded to the chairman and officers for their services. Further business of a routine nature was transacted, and the meeting closed with the usual vote of thanks. Particulars may be obtained on application at the office, where full information will be supplied to intending purchasers and others interested.

W.F.C.A.
BAILEY'S
Iron Planes,
"THE DEMON"

The proceedings of the meeting were of a most satisfactory character, and the members present expressed their gratification at the progress made during the year. It was resolved that the thanks of the meeting be accorded to the chairman and officers for their services. Further business of a routine nature was transacted, and the meeting closed with the usual vote of thanks. Particulars may be obtained on application at the office, where full information will be supplied to intending purchasers and others interested.

WAIRARAPA FARMERS' CO-OPERATIVE ASSOCIATION
JAMES MUIR,
Coachbuilder, Engineer, Farrier and General Blacksmith

The proceedings of the meeting were of a most satisfactory character, and the members present expressed their gratification at the progress made during the year. It was resolved that the thanks of the meeting be accorded to the chairman and officers for their services. Further business of a routine nature was transacted, and the meeting closed with the usual vote of thanks. Particulars may be obtained on application at the office, where full information will be supplied to intending purchasers and others interested.

The proceedings of the meeting were of a most satisfactory character, and the members present expressed their gratification at the progress made during the year. It was resolved that the thanks of the meeting be accorded to the chairman and officers for their services. Further business of a routine nature was transacted, and the meeting closed with the usual vote of thanks. Particulars may be obtained on application at the office, where full information will be supplied to intending purchasers and others interested.

JAMES MUIR,
ZEALANDIA
HEALTH, STRENGTH AND VIGOR RESTORED.

The proceedings of the meeting were of a most satisfactory character, and the members present expressed their gratification at the progress made during the year. It was resolved that the thanks of the meeting be accorded to the chairman and officers for their services. Further business of a routine nature was transacted, and the meeting closed with the usual vote of thanks. Particulars may be obtained on application at the office, where full information will be supplied to intending purchasers and others interested.

The proceedings of the meeting were of a most satisfactory character, and the members present expressed their gratification at the progress made during the year. It was resolved that the thanks of the meeting be accorded to the chairman and officers for their services. Further business of a routine nature was transacted, and the meeting closed with the usual vote of thanks. Particulars may be obtained on application at the office, where full information will be supplied to intending purchasers and others interested.

Dr. Pickard & Co.

The proceedings of the meeting were of a most satisfactory character, and the members present expressed their gratification at the progress made during the year. It was resolved that the thanks of the meeting be accorded to the chairman and officers for their services. Further business of a routine nature was transacted, and the meeting closed with the usual vote of thanks. Particulars may be obtained on application at the office, where full information will be supplied to intending purchasers and others interested.

The proceedings of the meeting were of a most satisfactory character, and the members present expressed their gratification at the progress made during the year. It was resolved that the thanks of the meeting be accorded to the chairman and officers for their services. Further business of a routine nature was transacted, and the meeting closed with the usual vote of thanks. Particulars may be obtained on application at the office, where full information will be supplied to intending purchasers and others interested.

£60,000

The proceedings of the meeting were of a most satisfactory character, and the members present expressed their gratification at the progress made during the year. It was resolved that the thanks of the meeting be accorded to the chairman and officers for their services. Further business of a routine nature was transacted, and the meeting closed with the usual vote of thanks. Particulars may be obtained on application at the office, where full information will be supplied to intending purchasers and others interested.

The proceedings of the meeting were of a most satisfactory character, and the members present expressed their gratification at the progress made during the year. It was resolved that the thanks of the meeting be accorded to the chairman and officers for their services. Further business of a routine nature was transacted, and the meeting closed with the usual vote of thanks. Particulars may be obtained on application at the office, where full information will be supplied to intending purchasers and others interested.

MASTERTON STOCK ARRIVED

The proceedings of the meeting were of a most satisfactory character, and the members present expressed their gratification at the progress made during the year. It was resolved that the thanks of the meeting be accorded to the chairman and officers for their services. Further business of a routine nature was transacted, and the meeting closed with the usual vote of thanks. Particulars may be obtained on application at the office, where full information will be supplied to intending purchasers and others interested.

The proceedings of the meeting were of a most satisfactory character, and the members present expressed their gratification at the progress made during the year. It was resolved that the thanks of the meeting be accorded to the chairman and officers for their services. Further business of a routine nature was transacted, and the meeting closed with the usual vote of thanks. Particulars may be obtained on application at the office, where full information will be supplied to intending purchasers and others interested.

PRINCIPAL DISTRICT MAILS AND TELEGRAPH OFFICE HOURS

The proceedings of the meeting were of a most satisfactory character, and the members present expressed their gratification at the progress made during the year. It was resolved that the thanks of the meeting be accorded to the chairman and officers for their services. Further business of a routine nature was transacted, and the meeting closed with the usual vote of thanks. Particulars may be obtained on application at the office, where full information will be supplied to intending purchasers and others interested.

The proceedings of the meeting were of a most satisfactory character, and the members present expressed their gratification at the progress made during the year. It was resolved that the thanks of the meeting be accorded to the chairman and officers for their services. Further business of a routine nature was transacted, and the meeting closed with the usual vote of thanks. Particulars may be obtained on application at the office, where full information will be supplied to intending purchasers and others interested.

The proceedings of the meeting were of a most satisfactory character, and the members present expressed their gratification at the progress made during the year. It was resolved that the thanks of the meeting be accorded to the chairman and officers for their services. Further business of a routine nature was transacted, and the meeting closed with the usual vote of thanks. Particulars may be obtained on application at the office, where full information will be supplied to intending purchasers and others interested.

MASTERTON CASH BOOT MARKET.
R. HANNAH & CO.

The proceedings of the meeting were of a most satisfactory character, and the members present expressed their gratification at the progress made during the year. It was resolved that the thanks of the meeting be accorded to the chairman and officers for their services. Further business of a routine nature was transacted, and the meeting closed with the usual vote of thanks. Particulars may be obtained on application at the office, where full information will be supplied to intending purchasers and others interested.

The proceedings of the meeting were of a most satisfactory character, and the members present expressed their gratification at the progress made during the year. It was resolved that the thanks of the meeting be accorded to the chairman and officers for their services. Further business of a routine nature was transacted, and the meeting closed with the usual vote of thanks. Particulars may be obtained on application at the office, where full information will be supplied to intending purchasers and others interested.

PALACE 'G'

The proceedings of the meeting were of a most satisfactory character, and the members present expressed their gratification at the progress made during the year. It was resolved that the thanks of the meeting be accorded to the chairman and officers for their services. Further business of a routine nature was transacted, and the meeting closed with the usual vote of thanks. Particulars may be obtained on application at the office, where full information will be supplied to intending purchasers and others interested.

The proceedings of the meeting were of a most satisfactory character, and the members present expressed their gratification at the progress made during the year. It was resolved that the thanks of the meeting be accorded to the chairman and officers for their services. Further business of a routine nature was transacted, and the meeting closed with the usual vote of thanks. Particulars may be obtained on application at the office, where full information will be supplied to intending purchasers and others interested.

H. PETERSON
WAIRARAPA PHOTOGRAPHIC STUDIO.

The proceedings of the meeting were of a most satisfactory character, and the members present expressed their gratification at the progress made during the year. It was resolved that the thanks of the meeting be accorded to the chairman and officers for their services. Further business of a routine nature was transacted, and the meeting closed with the usual vote of thanks. Particulars may be obtained on application at the office, where full information will be supplied to intending purchasers and others interested.

The proceedings of the meeting were of a most satisfactory character, and the members present expressed their gratification at the progress made during the year. It was resolved that the thanks of the meeting be accorded to the chairman and officers for their services. Further business of a routine nature was transacted, and the meeting closed with the usual vote of thanks. Particulars may be obtained on application at the office, where full information will be supplied to intending purchasers and others interested.

"PHOSPHORUS."

The proceedings of the meeting were of a most satisfactory character, and the members present expressed their gratification at the progress made during the year. It was resolved that the thanks of the meeting be accorded to the chairman and officers for their services. Further business of a routine nature was transacted, and the meeting closed with the usual vote of thanks. Particulars may be obtained on application at the office, where full information will be supplied to intending purchasers and others interested.

T. GORE,
GENERAL CARRIER, MASTERTON.

The proceedings of the meeting were of a most satisfactory character, and the members present expressed their gratification at the progress made during the year. It was resolved that the thanks of the meeting be accorded to the chairman and officers for their services. Further business of a routine nature was transacted, and the meeting closed with the usual vote of thanks. Particulars may be obtained on application at the office, where full information will be supplied to intending purchasers and others interested.

THOS. H. PRICE,

The proceedings of the meeting were of a most satisfactory character, and the members present expressed their gratification at the progress made during the year. It was resolved that the thanks of the meeting be accorded to the chairman and officers for their services. Further business of a routine nature was transacted, and the meeting closed with the usual vote of thanks. Particulars may be obtained on application at the office, where full information will be supplied to intending purchasers and others interested.
